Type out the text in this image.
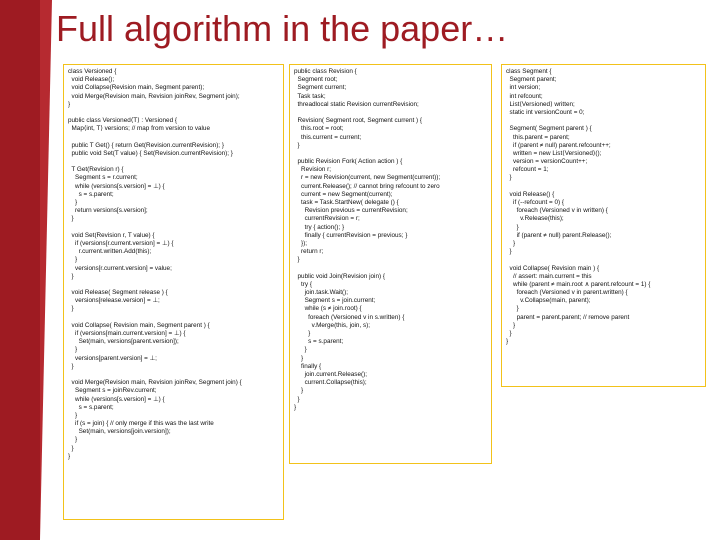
Full algorithm in the paper…
class Versioned {
void Release();
void Collapse(Revision main, Segment parent);
void Merge(Revision main, Revision joinRev, Segment join);
}

public class Versioned⟨T⟩ : Versioned {
Map⟨int, T⟩ versions; // map from version to value

public T Get() { return Get(Revision.currentRevision); }
public void Set(T value) { Set(Revision.currentRevision); }

T Get(Revision r) {
Segment s = r.current;
while (versions[s.version] = ⊥) {
s = s.parent;
}
return versions[s.version];
}

void Set(Revision r, T value) {
if (versions[r.current.version] = ⊥) {
r.current.written.Add(this);
}
versions[r.current.version] = value;
}

void Release( Segment release ) {
versions[release.version] = ⊥;
}

void Collapse( Revision main, Segment parent ) {
if (versions[main.current.version] = ⊥) {
Set(main, versions[parent.version]);
}
versions[parent.version] = ⊥;
}

void Merge(Revision main, Revision joinRev, Segment join) {
Segment s = joinRev.current;
while (versions[s.version] = ⊥) {
s = s.parent;
}
if (s = join) { // only merge if this was the last write
Set(main, versions[join.version]);
}
}
}
public class Revision {
Segment root;
Segment current;
Task task;
threadlocal static Revision currentRevision;

Revision( Segment root, Segment current ) {
this.root = root;
this.current = current;
}

public Revision Fork( Action action ) {
Revision r;
r = new Revision(current, new Segment(current));
current.Release(); // cannot bring refcount to zero
current = new Segment(current);
task = Task.StartNew( delegate () {
Revision previous = currentRevision;
currentRevision = r;
try { action(); }
finally { currentRevision = previous; }
});
return r;
}

public void Join(Revision join) {
try {
join.task.Wait();
Segment s = join.current;
while (s ≠ join.root) {
foreach (Versioned v in s.written) {
v.Merge(this, join, s);
}
s = s.parent;
}
}
finally {
join.current.Release();
current.Collapse(this);
}
}
}
class Segment {
Segment parent;
int version;
int refcount;
List⟨Versioned⟩ written;
static int versionCount = 0;

Segment( Segment parent ) {
this.parent = parent;
if (parent ≠ null) parent.refcount++;
written = new List⟨Versioned⟩();
version = versionCount++;
refcount = 1;
}

void Release() {
if (--refcount = 0) {
foreach (Versioned v in written) {
v.Release(this);
}
if (parent ≠ null) parent.Release();
}
}

void Collapse( Revision main ) {
// assert: main.current = this
while (parent ≠ main.root ∧ parent.refcount = 1) {
foreach (Versioned v in parent.written) {
v.Collapse(main, parent);
}
parent = parent.parent; // remove parent
}
}
}
